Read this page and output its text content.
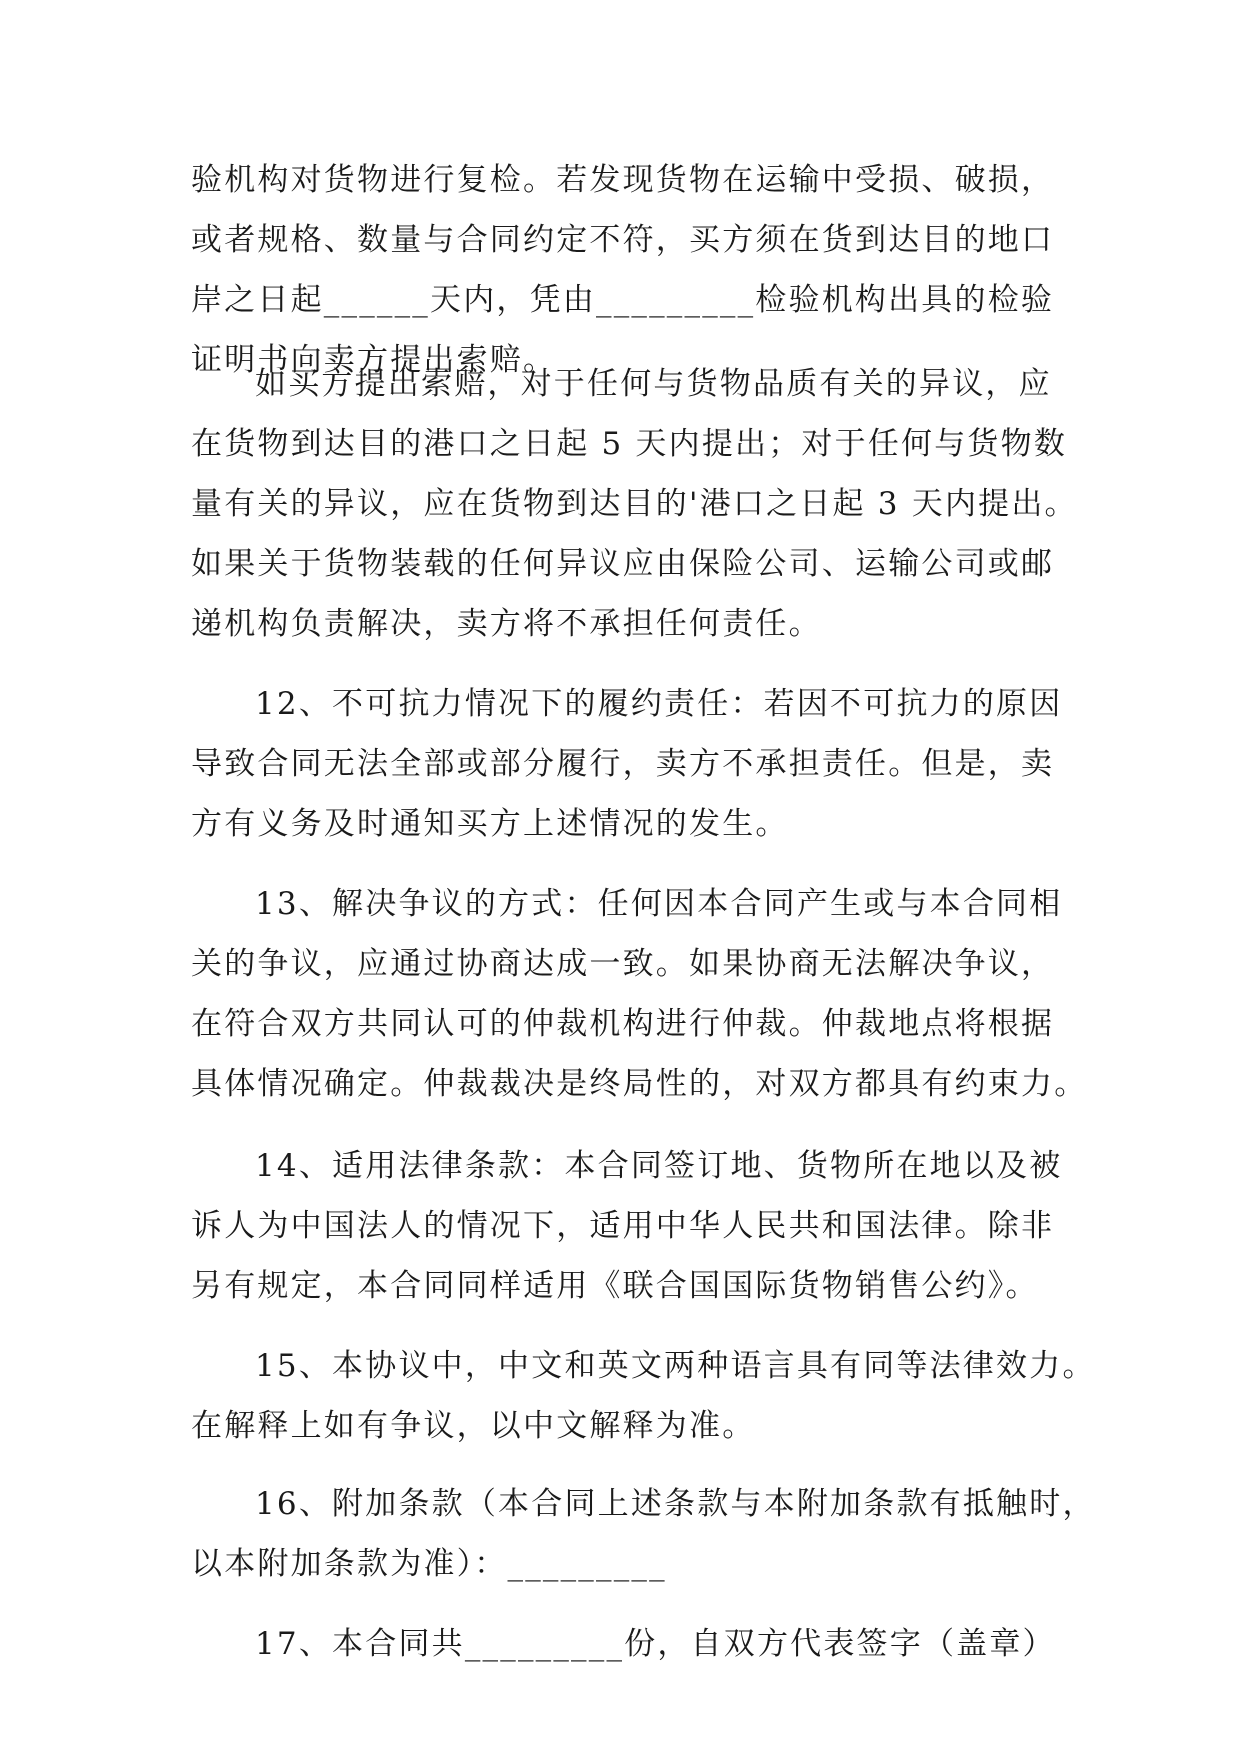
验机构对货物进行复检。若发现货物在运输中受损、破损，
或者规格、数量与合同约定不符，买方须在货到达目的地口
岸之日起______天内，凭由_________检验机构出具的检验
证明书向卖方提出索赔。

如买方提出索赔，对于任何与货物品质有关的异议，应
在货物到达目的港口之日起 5 天内提出；对于任何与货物数
量有关的异议，应在货物到达目的'港口之日起 3 天内提出。
如果关于货物装载的任何异议应由保险公司、运输公司或邮
递机构负责解决，卖方将不承担任何责任。

12、不可抗力情况下的履约责任：若因不可抗力的原因
导致合同无法全部或部分履行，卖方不承担责任。但是，卖
方有义务及时通知买方上述情况的发生。

13、解决争议的方式：任何因本合同产生或与本合同相
关的争议，应通过协商达成一致。如果协商无法解决争议，
在符合双方共同认可的仲裁机构进行仲裁。仲裁地点将根据
具体情况确定。仲裁裁决是终局性的，对双方都具有约束力。

14、适用法律条款：本合同签订地、货物所在地以及被
诉人为中国法人的情况下，适用中华人民共和国法律。除非
另有规定，本合同同样适用《联合国国际货物销售公约》。

15、本协议中，中文和英文两种语言具有同等法律效力。
在解释上如有争议，以中文解释为准。

16、附加条款（本合同上述条款与本附加条款有抵触时，
以本附加条款为准）：_________

17、本合同共_________份，自双方代表签字（盖章）
